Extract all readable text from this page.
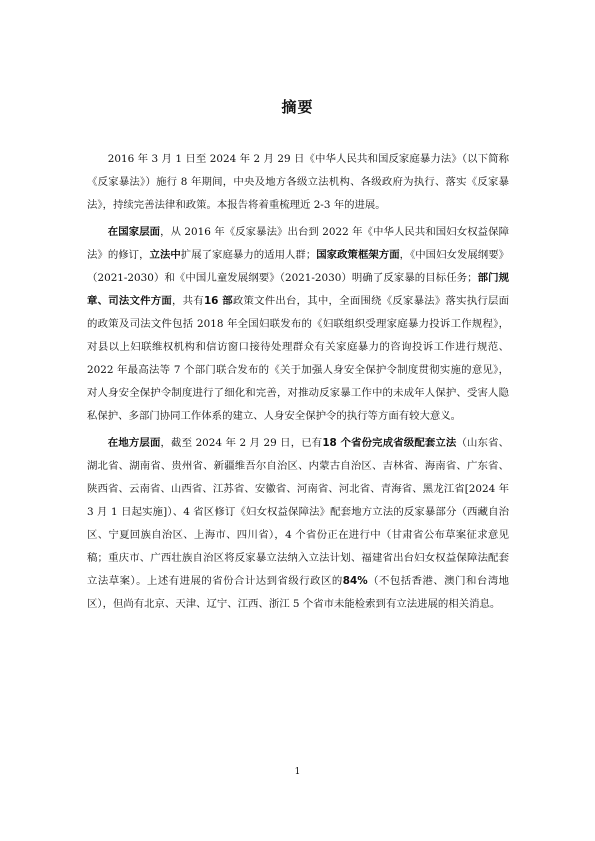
摘要

2016 年 3 月 1 日至 2024 年 2 月 29 日《中华人民共和国反家庭暴力法》（以下简称《反家暴法》）施行 8 年期间，中央及地方各级立法机构、各级政府为执行、落实《反家暴法》，持续完善法律和政策。本报告将着重梳理近 2-3 年的进展。

在国家层面，从 2016 年《反家暴法》出台到 2022 年《中华人民共和国妇女权益保障法》的修订，立法中扩展了家庭暴力的适用人群；国家政策框架方面，《中国妇女发展纲要》（2021-2030）和《中国儿童发展纲要》（2021-2030）明确了反家暴的目标任务；部门规章、司法文件方面，共有16 部政策文件出台，其中，全面围绕《反家暴法》落实执行层面的政策及司法文件包括 2018 年全国妇联发布的《妇联组织受理家庭暴力投诉工作规程》，对县以上妇联维权机构和信访窗口接待处理群众有关家庭暴力的咨询投诉工作进行规范、2022 年最高法等 7 个部门联合发布的《关于加强人身安全保护令制度贯彻实施的意见》，对人身安全保护令制度进行了细化和完善，对推动反家暴工作中的未成年人保护、受害人隐私保护、多部门协同工作体系的建立、人身安全保护令的执行等方面有较大意义。

在地方层面，截至 2024 年 2 月 29 日，已有18 个省份完成省级配套立法（山东省、湖北省、湖南省、贵州省、新疆维吾尔自治区、内蒙古自治区、吉林省、海南省、广东省、陕西省、云南省、山西省、江苏省、安徽省、河南省、河北省、青海省、黑龙江省[2024 年 3 月 1 日起实施]）、4 省区修订《妇女权益保障法》配套地方立法的反家暴部分（西藏自治区、宁夏回族自治区、上海市、四川省），4 个省份正在进行中（甘肃省公布草案征求意见稿；重庆市、广西壮族自治区将反家暴立法纳入立法计划、福建省出台妇女权益保障法配套立法草案）。上述有进展的省份合计达到省级行政区的84%（不包括香港、澳门和台湾地区），但尚有北京、天津、辽宁、江西、浙江 5 个省市未能检索到有立法进展的相关消息。

1
